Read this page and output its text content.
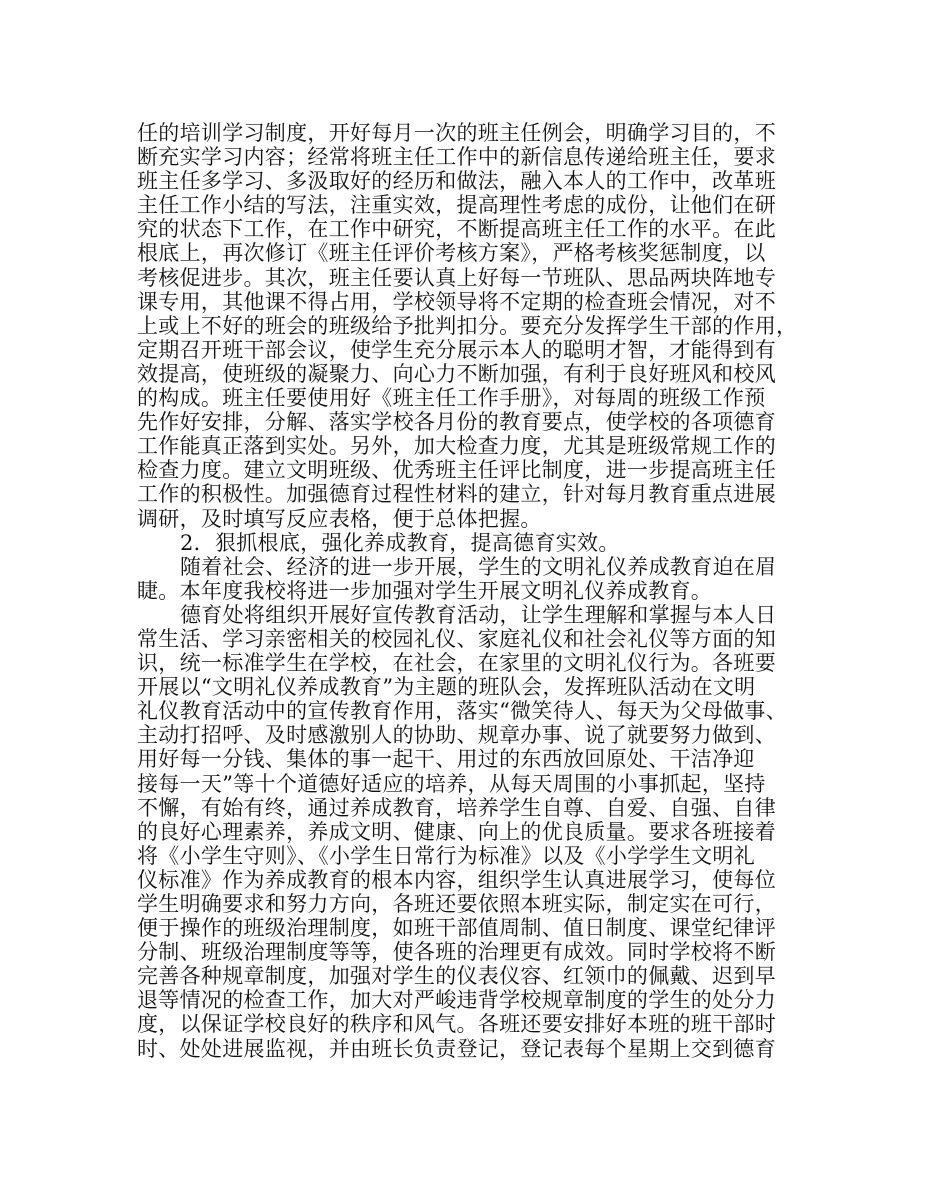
任的培训学习制度，开好每月一次的班主任例会，明确学习目的，不
断充实学习内容；经常将班主任工作中的新信息传递给班主任，要求
班主任多学习、多汲取好的经历和做法，融入本人的工作中，改革班
主任工作小结的写法，注重实效，提高理性考虑的成份，让他们在研
究的状态下工作，在工作中研究，不断提高班主任工作的水平。在此
根底上，再次修订《班主任评价考核方案》，严格考核奖惩制度，以
考核促进步。其次，班主任要认真上好每一节班队、思品两块阵地专
课专用，其他课不得占用，学校领导将不定期的检查班会情况，对不
上或上不好的班会的班级给予批判扣分。要充分发挥学生干部的作用，
定期召开班干部会议，使学生充分展示本人的聪明才智，才能得到有
效提高，使班级的凝聚力、向心力不断加强，有利于良好班风和校风
的构成。班主任要使用好《班主任工作手册》，对每周的班级工作预
先作好安排，分解、落实学校各月份的教育要点，使学校的各项德育
工作能真正落到实处。另外，加大检查力度，尤其是班级常规工作的
检查力度。建立文明班级、优秀班主任评比制度，进一步提高班主任
工作的积极性。加强德育过程性材料的建立，针对每月教育重点进展
调研，及时填写反应表格，便于总体把握。
2．狠抓根底，强化养成教育，提高德育实效。
随着社会、经济的进一步开展，学生的文明礼仪养成教育迫在眉
睫。本年度我校将进一步加强对学生开展文明礼仪养成教育。
德育处将组织开展好宣传教育活动，让学生理解和掌握与本人日
常生活、学习亲密相关的校园礼仪、家庭礼仪和社会礼仪等方面的知
识，统一标准学生在学校，在社会，在家里的文明礼仪行为。各班要
开展以“文明礼仪养成教育”为主题的班队会，发挥班队活动在文明
礼仪教育活动中的宣传教育作用，落实“微笑待人、每天为父母做事、
主动打招呼、及时感激别人的协助、规章办事、说了就要努力做到、
用好每一分钱、集体的事一起干、用过的东西放回原处、干洁净迎
接每一天”等十个道德好适应的培养，从每天周围的小事抓起，坚持
不懈，有始有终，通过养成教育，培养学生自尊、自爱、自强、自律
的良好心理素养，养成文明、健康、向上的优良质量。要求各班接着
将《小学生守则》、《小学生日常行为标准》以及《小学学生文明礼
仪标准》作为养成教育的根本内容，组织学生认真进展学习，使每位
学生明确要求和努力方向，各班还要依照本班实际，制定实在可行，
便于操作的班级治理制度，如班干部值周制、值日制度、课堂纪律评
分制、班级治理制度等等，使各班的治理更有成效。同时学校将不断
完善各种规章制度，加强对学生的仪表仪容、红领巾的佩戴、迟到早
退等情况的检查工作，加大对严峻违背学校规章制度的学生的处分力
度，以保证学校良好的秩序和风气。各班还要安排好本班的班干部时
时、处处进展监视，并由班长负责登记，登记表每个星期上交到德育
